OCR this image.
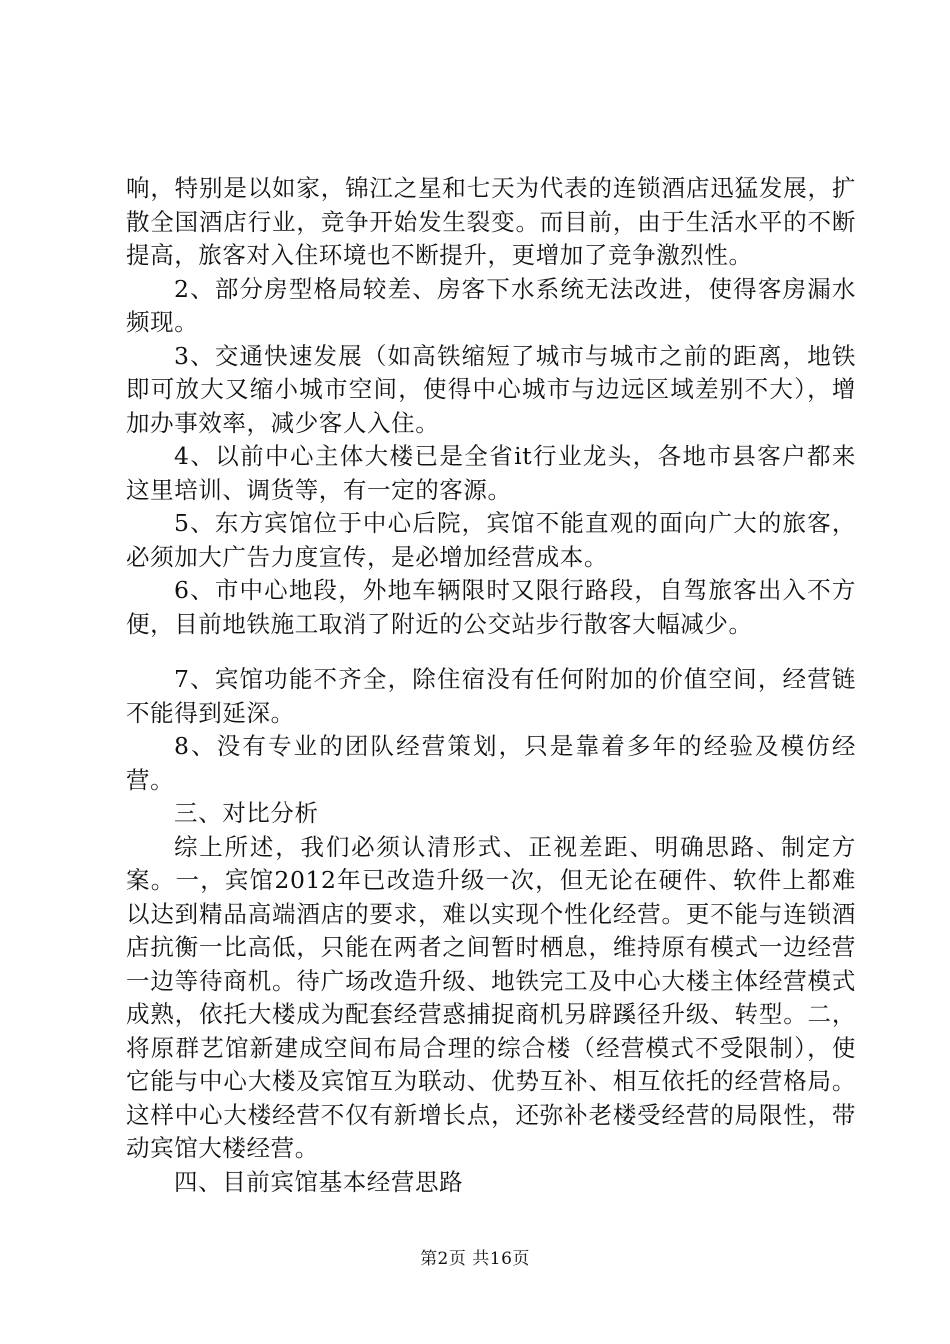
响，特别是以如家，锦江之星和七天为代表的连锁酒店迅猛发展，扩散全国酒店行业，竞争开始发生裂变。而目前，由于生活水平的不断提高，旅客对入住环境也不断提升，更增加了竞争激烈性。

2、部分房型格局较差、房客下水系统无法改进，使得客房漏水频现。

3、交通快速发展（如高铁缩短了城市与城市之前的距离，地铁即可放大又缩小城市空间，使得中心城市与边远区域差别不大），增加办事效率，减少客人入住。

4、以前中心主体大楼已是全省it行业龙头，各地市县客户都来这里培训、调货等，有一定的客源。

5、东方宾馆位于中心后院，宾馆不能直观的面向广大的旅客，必须加大广告力度宣传，是必增加经营成本。

6、市中心地段，外地车辆限时又限行路段，自驾旅客出入不方便，目前地铁施工取消了附近的公交站步行散客大幅减少。

7、宾馆功能不齐全，除住宿没有任何附加的价值空间，经营链不能得到延深。

8、没有专业的团队经营策划，只是靠着多年的经验及模仿经营。

三、对比分析

综上所述，我们必须认清形式、正视差距、明确思路、制定方案。一，宾馆2012年已改造升级一次，但无论在硬件、软件上都难以达到精品高端酒店的要求，难以实现个性化经营。更不能与连锁酒店抗衡一比高低，只能在两者之间暂时栖息，维持原有模式一边经营一边等待商机。待广场改造升级、地铁完工及中心大楼主体经营模式成熟，依托大楼成为配套经营惑捕捉商机另辟蹊径升级、转型。二，将原群艺馆新建成空间布局合理的综合楼（经营模式不受限制），使它能与中心大楼及宾馆互为联动、优势互补、相互依托的经营格局。这样中心大楼经营不仅有新增长点，还弥补老楼受经营的局限性，带动宾馆大楼经营。

四、目前宾馆基本经营思路

第2页 共16页
